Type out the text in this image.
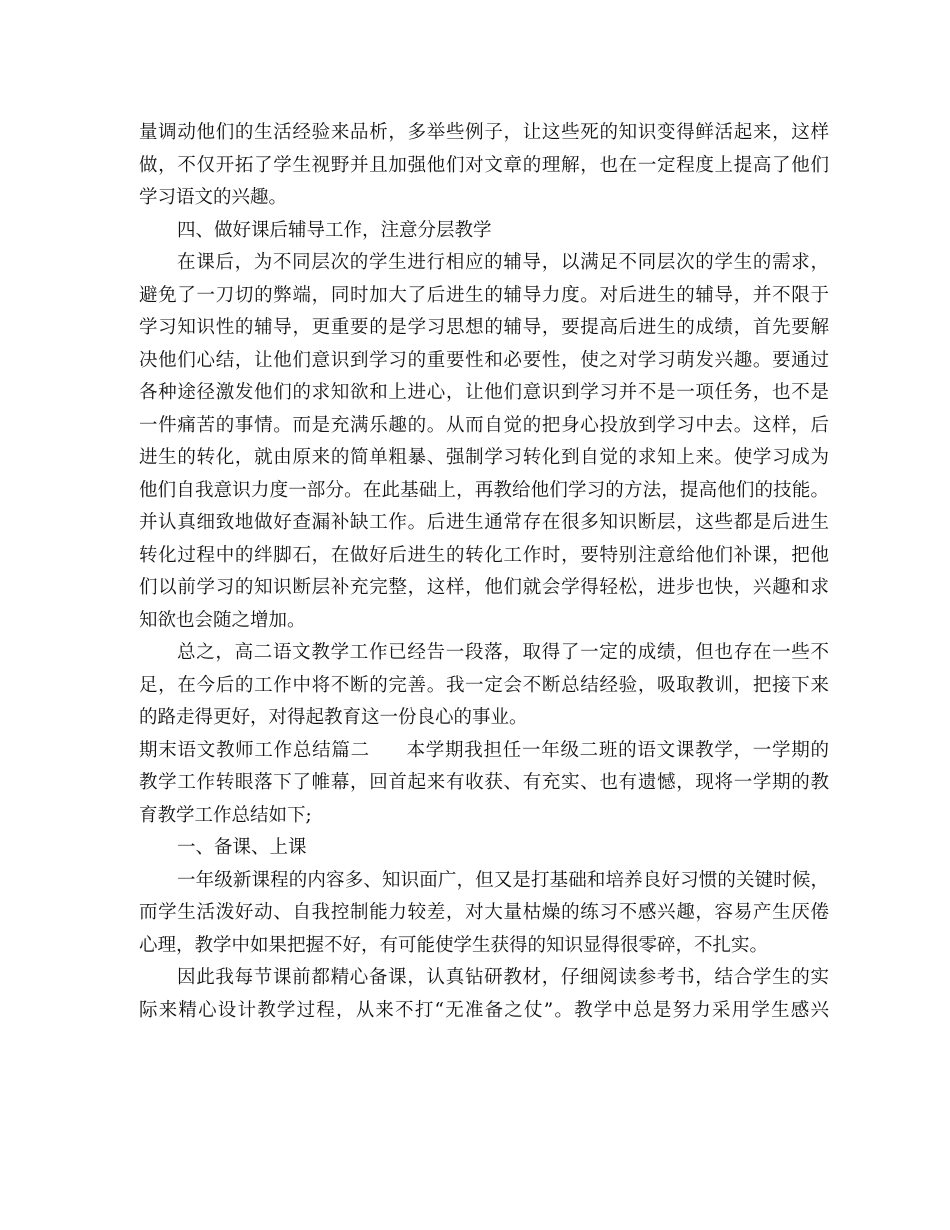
量调动他们的生活经验来品析，多举些例子，让这些死的知识变得鲜活起来，这样
做，不仅开拓了学生视野并且加强他们对文章的理解，也在一定程度上提高了他们
学习语文的兴趣。
四、做好课后辅导工作，注意分层教学
在课后，为不同层次的学生进行相应的辅导，以满足不同层次的学生的需求，
避免了一刀切的弊端，同时加大了后进生的辅导力度。对后进生的辅导，并不限于
学习知识性的辅导，更重要的是学习思想的辅导，要提高后进生的成绩，首先要解
决他们心结，让他们意识到学习的重要性和必要性，使之对学习萌发兴趣。要通过
各种途径激发他们的求知欲和上进心，让他们意识到学习并不是一项任务，也不是
一件痛苦的事情。而是充满乐趣的。从而自觉的把身心投放到学习中去。这样，后
进生的转化，就由原来的简单粗暴、强制学习转化到自觉的求知上来。使学习成为
他们自我意识力度一部分。在此基础上，再教给他们学习的方法，提高他们的技能。
并认真细致地做好查漏补缺工作。后进生通常存在很多知识断层，这些都是后进生
转化过程中的绊脚石，在做好后进生的转化工作时，要特别注意给他们补课，把他
们以前学习的知识断层补充完整，这样，他们就会学得轻松，进步也快，兴趣和求
知欲也会随之增加。
总之，高二语文教学工作已经告一段落，取得了一定的成绩，但也存在一些不
足，在今后的工作中将不断的完善。我一定会不断总结经验，吸取教训，把接下来
的路走得更好，对得起教育这一份良心的事业。
期末语文教师工作总结篇二 本学期我担任一年级二班的语文课教学，一学期的
教学工作转眼落下了帷幕，回首起来有收获、有充实、也有遗憾，现将一学期的教
育教学工作总结如下;
一、备课、上课
一年级新课程的内容多、知识面广，但又是打基础和培养良好习惯的关键时候，
而学生活泼好动、自我控制能力较差，对大量枯燥的练习不感兴趣，容易产生厌倦
心理，教学中如果把握不好，有可能使学生获得的知识显得很零碎，不扎实。
因此我每节课前都精心备课，认真钻研教材，仔细阅读参考书，结合学生的实
际来精心设计教学过程，从来不打“无准备之仗”。教学中总是努力采用学生感兴
